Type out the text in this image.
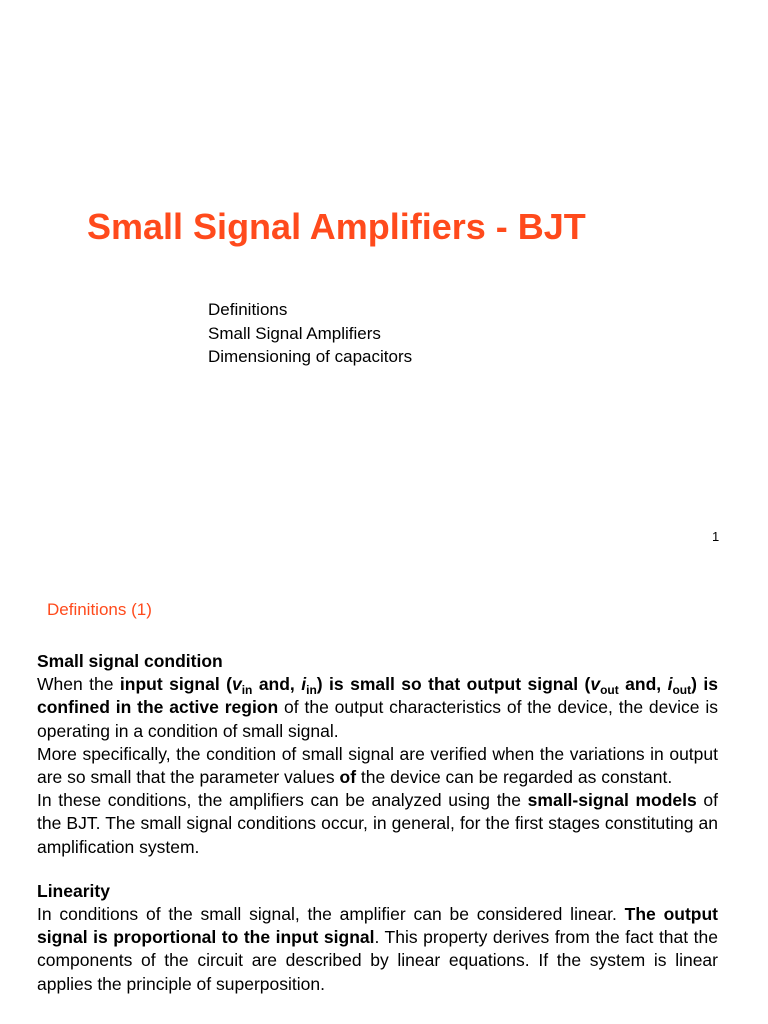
Small Signal Amplifiers - BJT
Definitions
Small Signal Amplifiers
Dimensioning of capacitors
1
Definitions (1)
Small signal condition

When the input signal ($v_{in}$ and, $i_{in}$) is small so that output signal ($v_{out}$ and, $i_{out}$) is confined in the active region of the output characteristics of the device, the device is operating in a condition of small signal.

More specifically, the condition of small signal are verified when the variations in output are so small that the parameter values of the device can be regarded as constant.

In these conditions, the amplifiers can be analyzed using the small-signal models of the BJT. The small signal conditions occur, in general, for the first stages constituting an amplification system.

Linearity

In conditions of the small signal, the amplifier can be considered linear. The output signal is proportional to the input signal. This property derives from the fact that the components of the circuit are described by linear equations. If the system is linear applies the principle of superposition.
